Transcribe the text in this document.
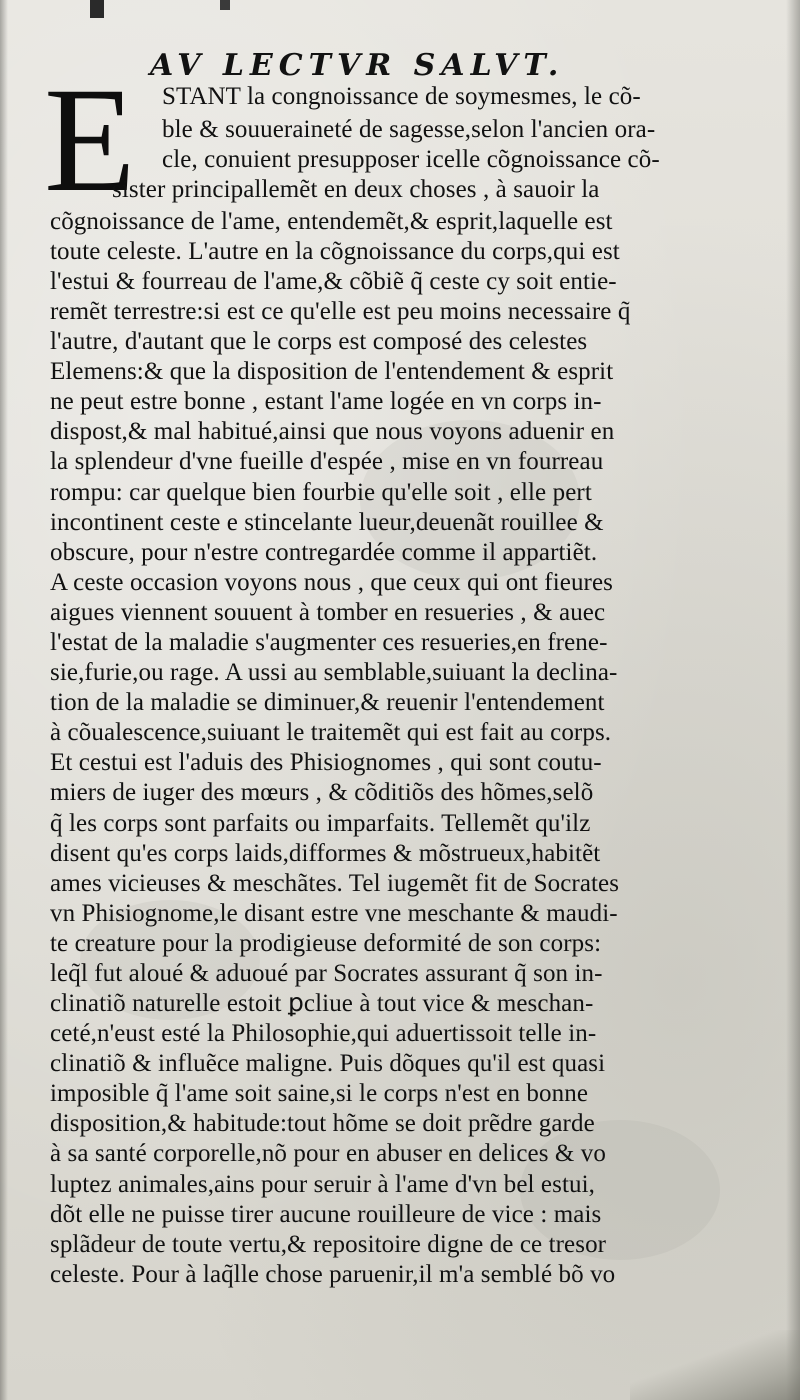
AV LECTVR SALVT.
E STANT la congnoissance de soymesmes, le cõ-
ble & souueraineté de sagesse,selon l'ancien ora-
cle, conuient presupposer icelle cõgnoissance cõ-
sister principallemẽt en deux choses , à sauoir la
cõgnoissance de l'ame, entendemẽt,& esprit,laquelle est
toute celeste. L'autre en la cõgnoissance du corps,qui est
l'estui & fourreau de l'ame,& cõbiẽ q̃ ceste cy soit entie-
remẽt terrestre:si est ce qu'elle est peu moins necessaire q̃
l'autre, d'autant que le corps est composé des celestes
Elemens:& que la disposition de l'entendement & esprit
ne peut estre bonne , estant l'ame logée en vn corps in-
dispost,& mal habitué,ainsi que nous voyons aduenir en
la splendeur d'vne fueille d'espée , mise en vn fourreau
rompu: car quelque bien fourbie qu'elle soit , elle pert
incontinent ceste e stincelante lueur,deuenãt rouillee &
obscure, pour n'estre contregardée comme il appartiẽt.
A ceste occasion voyons nous , que ceux qui ont fieures
aigues viennent souuent à tomber en resueries , & auec
l'estat de la maladie s'augmenter ces resueries,en frene-
sie,furie,ou rage. A ussi au semblable,suiuant la declina-
tion de la maladie se diminuer,& reuenir l'entendement
à cõualescence,suiuant le traitemẽt qui est fait au corps.
Et cestui est l'aduis des Phisiognomes , qui sont coutu-
miers de iuger des mœurs , & cõditiõs des hõmes,selõ
q̃ les corps sont parfaits ou imparfaits. Tellemẽt qu'ilz
disent qu'es corps laids,difformes & mõstrueux,habitẽt
ames vicieuses & meschãtes. Tel iugemẽt fit de Socrates
vn Phisiognome,le disant estre vne meschante & maudi-
te creature pour la prodigieuse deformité de son corps:
leq̃l fut aloué & aduoué par Socrates assurant q̃ son in-
clinatiõ naturelle estoit ꝑcliue à tout vice & meschan-
ceté,n'eust esté la Philosophie,qui aduertissoit telle in-
clinatiõ & influẽce maligne. Puis dõques qu'il est quasi
imposible q̃ l'ame soit saine,si le corps n'est en bonne
disposition,& habitude:tout hõme se doit prẽdre garde
à sa santé corporelle,nõ pour en abuser en delices & vo
luptez animales,ains pour seruir à l'ame d'vn bel estui,
dõt elle ne puisse tirer aucune rouilleure de vice : mais
splãdeur de toute vertu,& repositoire digne de ce tresor
celeste. Pour à laq̃lle chose paruenir,il m'a semblé bõ vo
